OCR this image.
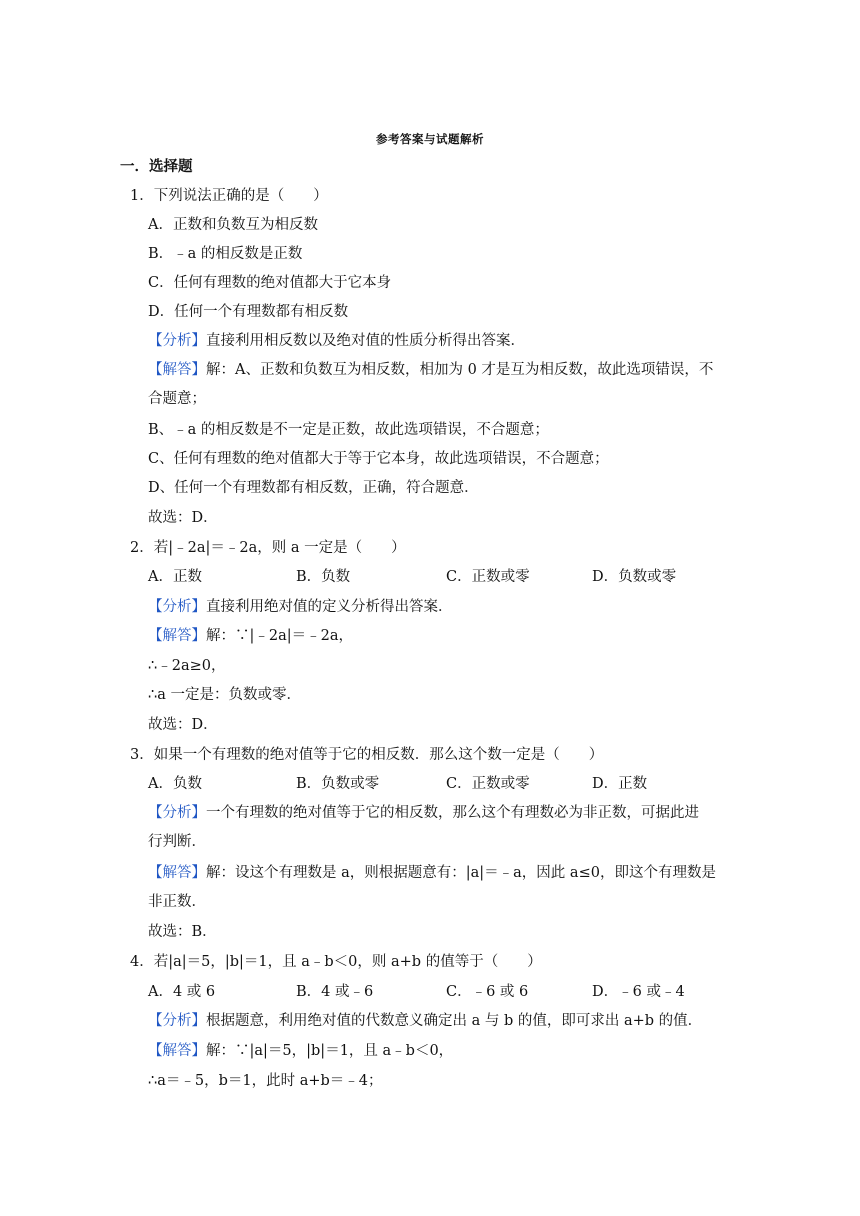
参考答案与试题解析
一．选择题
1．下列说法正确的是（　　）
A．正数和负数互为相反数
B．﹣a 的相反数是正数
C．任何有理数的绝对值都大于它本身
D．任何一个有理数都有相反数
【分析】直接利用相反数以及绝对值的性质分析得出答案．
【解答】解：A、正数和负数互为相反数，相加为 0 才是互为相反数，故此选项错误，不
合题意；
B、﹣a 的相反数是不一定是正数，故此选项错误，不合题意；
C、任何有理数的绝对值都大于等于它本身，故此选项错误，不合题意；
D、任何一个有理数都有相反数，正确，符合题意．
故选：D．
2．若|﹣2a|＝﹣2a，则 a 一定是（　　）
A．正数	B．负数	C．正数或零	D．负数或零
【分析】直接利用绝对值的定义分析得出答案．
【解答】解：∵|﹣2a|＝﹣2a，
∴﹣2a≥0，
∴a 一定是：负数或零．
故选：D．
3．如果一个有理数的绝对值等于它的相反数．那么这个数一定是（　　）
A．负数	B．负数或零	C．正数或零	D．正数
【分析】一个有理数的绝对值等于它的相反数，那么这个有理数必为非正数，可据此进
行判断．
【解答】解：设这个有理数是 a，则根据题意有：|a|＝﹣a，因此 a≤0，即这个有理数是
非正数．
故选：B．
4．若|a|＝5，|b|＝1，且 a﹣b＜0，则 a+b 的值等于（　　）
A．4 或 6	B．4 或﹣6	C．﹣6 或 6	D．﹣6 或﹣4
【分析】根据题意，利用绝对值的代数意义确定出 a 与 b 的值，即可求出 a+b 的值．
【解答】解：∵|a|＝5，|b|＝1，且 a﹣b＜0，
∴a＝﹣5，b＝1，此时 a+b＝﹣4；
